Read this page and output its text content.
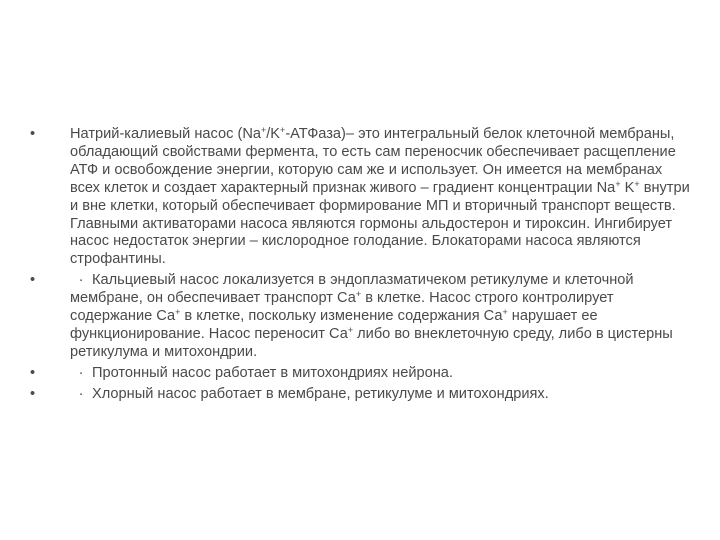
•	Натрий-калиевый насос (Na+/K+-АТФаза)– это интегральный белок клеточной мембраны, обладающий свойствами фермента, то есть сам переносчик обеспечивает расщепление АТФ и освобождение энергии, которую сам же и использует. Он имеется на мембранах всех клеток и создает характерный признак живого – градиент концентрации Na+ K+ внутри и вне клетки, который обеспечивает формирование МП и вторичный транспорт веществ. Главными активаторами насоса являются гормоны альдостерон и тироксин. Ингибирует насос недостаток энергии – кислородное голодание. Блокаторами насоса являются строфантины.
•	· Кальциевый насос локализуется в эндоплазматичеком ретикулуме и клеточной мембране, он обеспечивает транспорт Са+ в клетке. Насос строго контролирует содержание Са+ в клетке, поскольку изменение содержания Са+ нарушает ее функционирование. Насос переносит Са+ либо во внеклеточную среду, либо в цистерны ретикулума и митохондрии.
•	· Протонный насос работает в митохондриях нейрона.
•	· Хлорный насос работает в мембране, ретикулуме и митохондриях.
